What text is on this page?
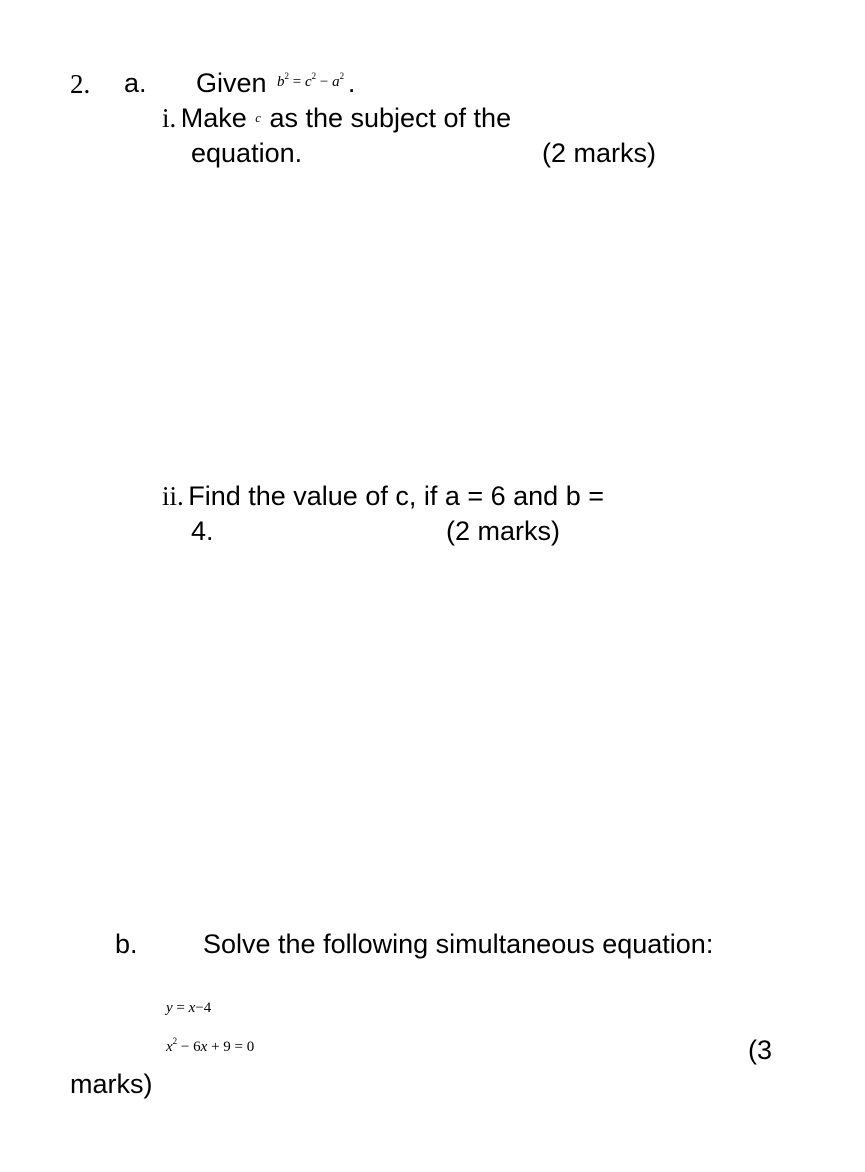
2. a. Given $b^2 = c^2 - a^2$ .
i. Make $^c$ as the subject of the
equation.	(2 marks)
ii. Find the value of c, if a = 6 and b =
4.	(2 marks)
b. Solve the following simultaneous equation:
y = x−4
$x^2 - 6x + 9 = 0$	(3
marks)
